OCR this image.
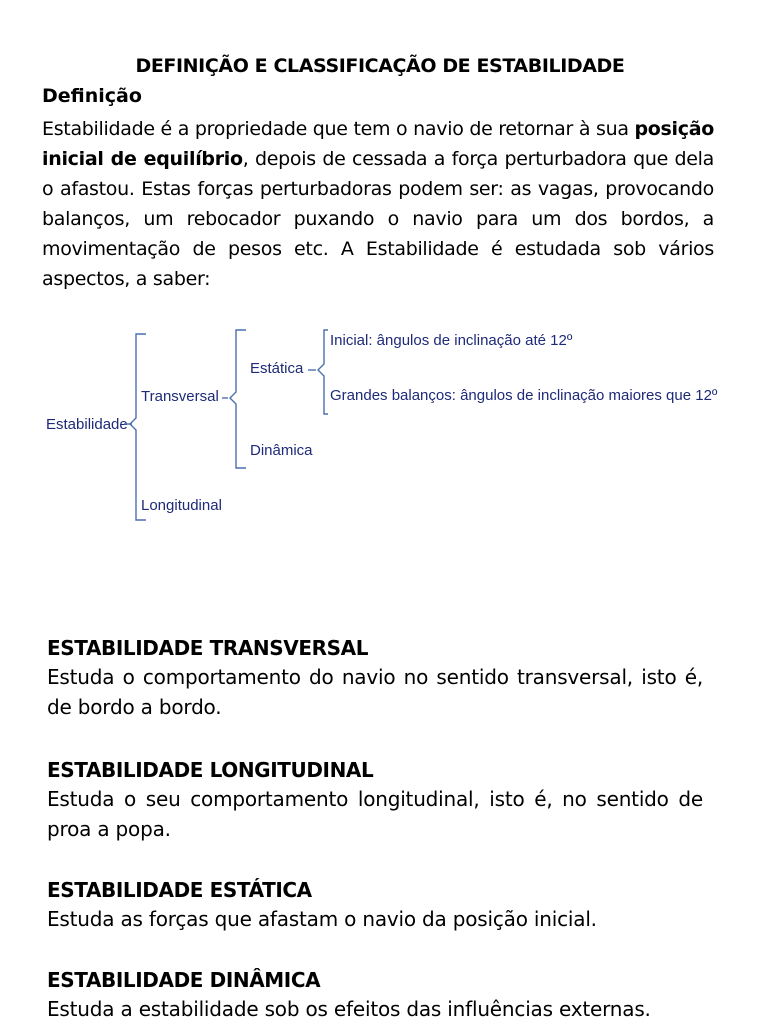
DEFINIÇÃO E CLASSIFICAÇÃO DE ESTABILIDADE
Definição

Estabilidade é a propriedade que tem o navio de retornar à sua posição inicial de equilíbrio, depois de cessada a força perturbadora que dela o afastou. Estas forças perturbadoras podem ser: as vagas, provocando balanços, um rebocador puxando o navio para um dos bordos, a movimentação de pesos etc. A Estabilidade é estudada sob vários aspectos, a saber:

Estabilidade
Transversal
Longitudinal
Estática
Dinâmica
Inicial: ângulos de inclinação até 12º
Grandes balanços: ângulos de inclinação maiores que 12º
ESTABILIDADE TRANSVERSAL

Estuda o comportamento do navio no sentido transversal, isto é, de bordo a bordo.

ESTABILIDADE LONGITUDINAL

Estuda o seu comportamento longitudinal, isto é, no sentido de proa a popa.

ESTABILIDADE ESTÁTICA

Estuda as forças que afastam o navio da posição inicial.

ESTABILIDADE DINÂMICA

Estuda a estabilidade sob os efeitos das influências externas.
